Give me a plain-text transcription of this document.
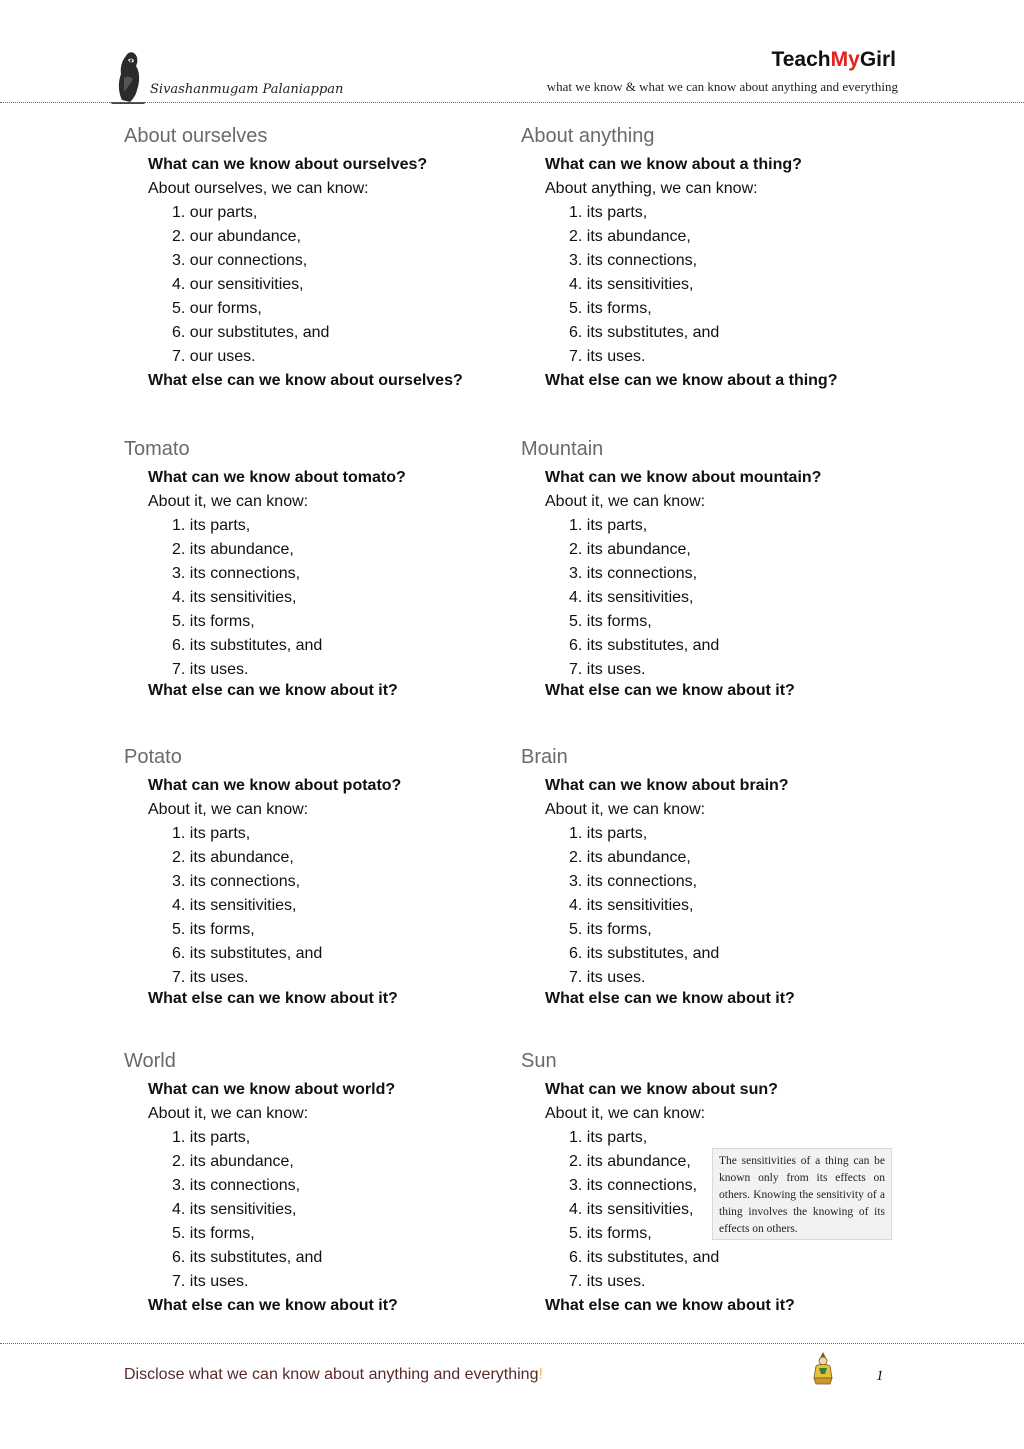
Sivashanmugam Palaniappan
TeachMyGirl
what we know & what we can know about anything and everything
About ourselves
What can we know about ourselves?
About ourselves, we can know:
1. our parts,
2. our abundance,
3. our connections,
4. our sensitivities,
5. our forms,
6. our substitutes, and
7. our uses.
What else can we know about ourselves?
About anything
What can we know about a thing?
About anything, we can know:
1. its parts,
2. its abundance,
3. its connections,
4. its sensitivities,
5. its forms,
6. its substitutes, and
7. its uses.
What else can we know about a thing?
Tomato
What can we know about tomato?
About it, we can know:
1. its parts,
2. its abundance,
3. its connections,
4. its sensitivities,
5. its forms,
6. its substitutes, and
7. its uses.
What else can we know about it?
Mountain
What can we know about mountain?
About it, we can know:
1. its parts,
2. its abundance,
3. its connections,
4. its sensitivities,
5. its forms,
6. its substitutes, and
7. its uses.
What else can we know about it?
Potato
What can we know about potato?
About it, we can know:
1. its parts,
2. its abundance,
3. its connections,
4. its sensitivities,
5. its forms,
6. its substitutes, and
7. its uses.
What else can we know about it?
Brain
What can we know about brain?
About it, we can know:
1. its parts,
2. its abundance,
3. its connections,
4. its sensitivities,
5. its forms,
6. its substitutes, and
7. its uses.
What else can we know about it?
World
What can we know about world?
About it, we can know:
1. its parts,
2. its abundance,
3. its connections,
4. its sensitivities,
5. its forms,
6. its substitutes, and
7. its uses.
What else can we know about it?
Sun
What can we know about sun?
About it, we can know:
1. its parts,
2. its abundance,
3. its connections,
4. its sensitivities,
5. its forms,
6. its substitutes, and
7. its uses.
What else can we know about it?
The sensitivities of a thing can be known only from its effects on others. Knowing the sensitivity of a thing involves the knowing of its effects on others.
Disclose what we can know about anything and everything!	1
